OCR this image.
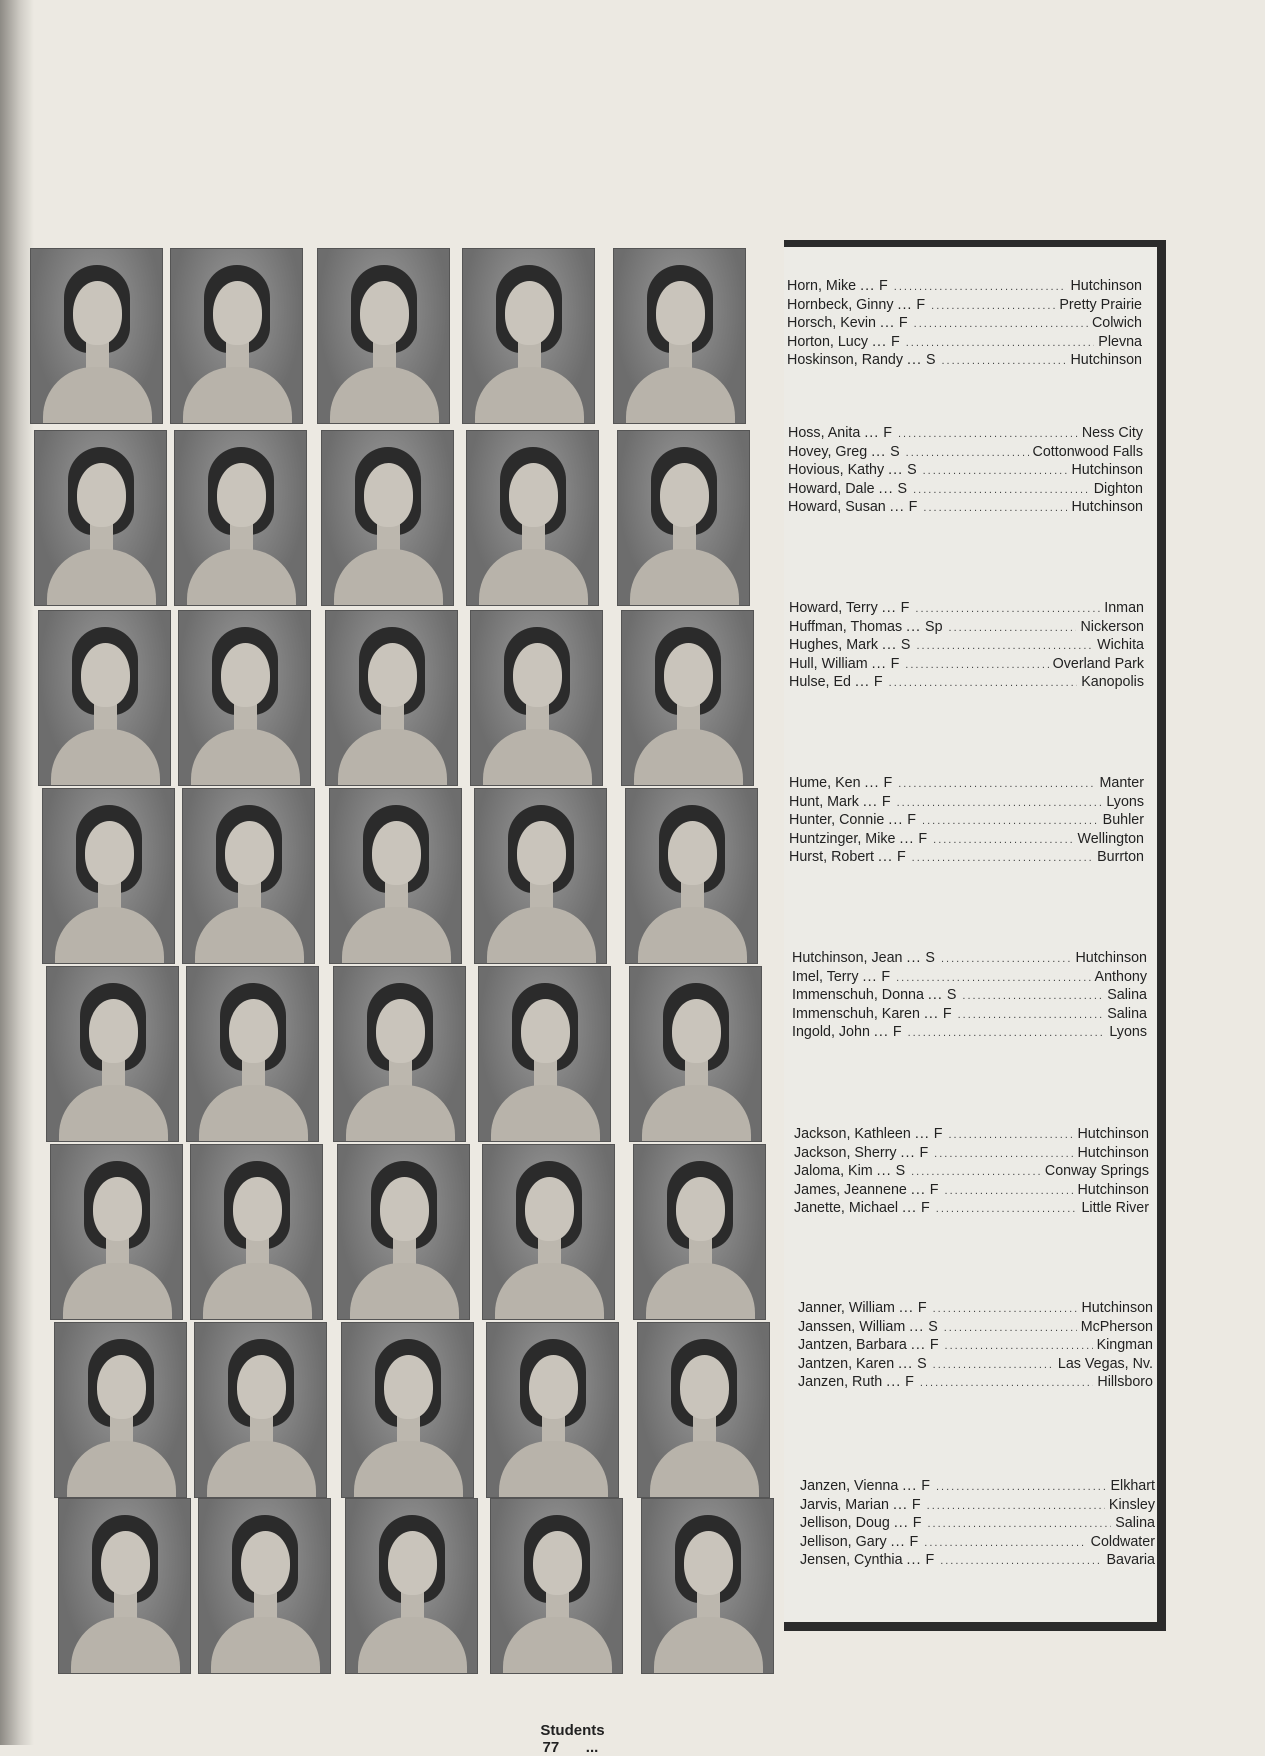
Horn, Mike ... F .....	Hutchinson
Hornbeck, Ginny ... F .....	Pretty Prairie
Horsch, Kevin ... F .....	Colwich
Horton, Lucy ... F .....	Plevna
Hoskinson, Randy ... S .....	Hutchinson
Hoss, Anita ... F .....	Ness City
Hovey, Greg ... S .....	Cottonwood Falls
Hovious, Kathy ... S .....	Hutchinson
Howard, Dale ... S .....	Dighton
Howard, Susan ... F .....	Hutchinson
Howard, Terry ... F .....	Inman
Huffman, Thomas ... Sp .....	Nickerson
Hughes, Mark ... S .....	Wichita
Hull, William ... F .....	Overland Park
Hulse, Ed ... F .....	Kanopolis
Hume, Ken ... F .....	Manter
Hunt, Mark ... F .....	Lyons
Hunter, Connie ... F .....	Buhler
Huntzinger, Mike ... F .....	Wellington
Hurst, Robert ... F .....	Burrton
Hutchinson, Jean ... S .....	Hutchinson
Imel, Terry ... F .....	Anthony
Immenschuh, Donna ... S .....	Salina
Immenschuh, Karen ... F .....	Salina
Ingold, John ... F .....	Lyons
Jackson, Kathleen ... F .....	Hutchinson
Jackson, Sherry ... F .....	Hutchinson
Jaloma, Kim ... S .....	Conway Springs
James, Jeannene ... F .....	Hutchinson
Janette, Michael ... F .....	Little River
Janner, William ... F .....	Hutchinson
Janssen, William ... S .....	McPherson
Jantzen, Barbara ... F .....	Kingman
Jantzen, Karen ... S .....	Las Vegas, Nv.
Janzen, Ruth ... F .....	Hillsboro
Janzen, Vienna ... F .....	Elkhart
Jarvis, Marian ... F .....	Kinsley
Jellison, Doug ... F .....	Salina
Jellison, Gary ... F .....	Coldwater
Jensen, Cynthia ... F .....	Bavaria
Students ... 77
